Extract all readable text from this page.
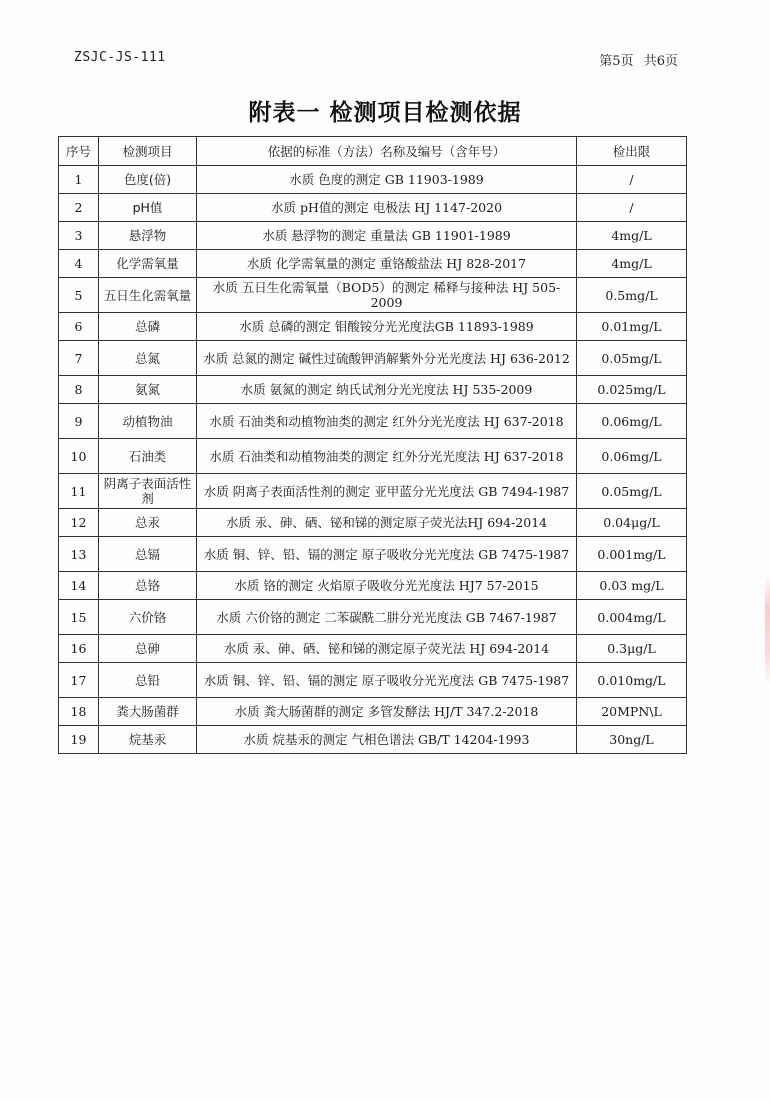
ZSJC-JS-111	第5页 共6页
附表一 检测项目检测依据
序号	检测项目	依据的标准（方法）名称及编号（含年号）	检出限
1	色度(倍)	水质 色度的测定 GB 11903-1989	/
2	pH值	水质 pH值的测定 电极法 HJ 1147-2020	/
3	悬浮物	水质 悬浮物的测定 重量法 GB 11901-1989	4mg/L
4	化学需氧量	水质 化学需氧量的测定 重铬酸盐法 HJ 828-2017	4mg/L
5	五日生化需氧量	水质 五日生化需氧量（BOD5）的测定 稀释与接种法 HJ 505-2009	0.5mg/L
6	总磷	水质 总磷的测定 钼酸铵分光光度法GB 11893-1989	0.01mg/L
7	总氮	水质 总氮的测定 碱性过硫酸钾消解紫外分光光度法 HJ 636-2012	0.05mg/L
8	氨氮	水质 氨氮的测定 纳氏试剂分光光度法 HJ 535-2009	0.025mg/L
9	动植物油	水质 石油类和动植物油类的测定 红外分光光度法 HJ 637-2018	0.06mg/L
10	石油类	水质 石油类和动植物油类的测定 红外分光光度法 HJ 637-2018	0.06mg/L
11	阴离子表面活性剂	水质 阴离子表面活性剂的测定 亚甲蓝分光光度法 GB 7494-1987	0.05mg/L
12	总汞	水质 汞、砷、硒、铋和锑的测定原子荧光法HJ 694-2014	0.04μg/L
13	总镉	水质 铜、锌、铅、镉的测定 原子吸收分光光度法 GB 7475-1987	0.001mg/L
14	总铬	水质 铬的测定 火焰原子吸收分光光度法 HJ7 57-2015	0.03 mg/L
15	六价铬	水质 六价铬的测定 二苯碳酰二肼分光光度法 GB 7467-1987	0.004mg/L
16	总砷	水质 汞、砷、硒、铋和锑的测定原子荧光法 HJ 694-2014	0.3μg/L
17	总铅	水质 铜、锌、铅、镉的测定 原子吸收分光光度法 GB 7475-1987	0.010mg/L
18	粪大肠菌群	水质 粪大肠菌群的测定 多管发酵法 HJ/T 347.2-2018	20MPN\L
19	烷基汞	水质 烷基汞的测定 气相色谱法 GB/T 14204-1993	30ng/L
